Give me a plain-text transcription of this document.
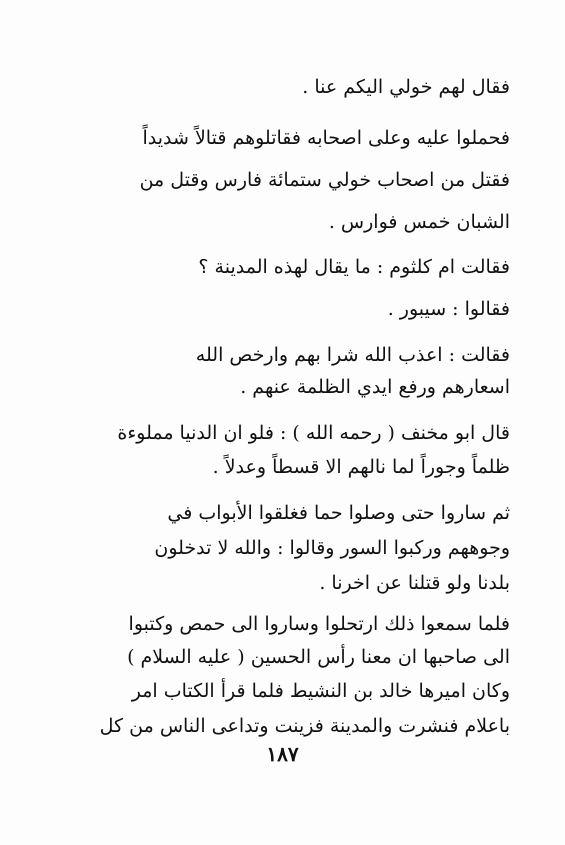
فقال لهم خولي اليكم عنا .
فحملوا عليه وعلى اصحابه فقاتلوهم قتالاً شديداً
فقتل من اصحاب خولي ستمائة فارس وقتل من
الشبان خمس فوارس .
فقالت ام كلثوم : ما يقال لهذه المدينة ؟
فقالوا : سيبور .
فقالت : اعذب الله شرا بهم وارخص الله
اسعارهم ورفع ايدي الظلمة عنهم .
قال ابو مخنف ( رحمه الله ) : فلو ان الدنيا مملوءة
ظلماً وجوراً لما نالهم الا قسطاً وعدلاً .
ثم ساروا حتى وصلوا حما فغلقوا الأبواب في
وجوههم وركبوا السور وقالوا : والله لا تدخلون
بلدنا ولو قتلنا عن اخرنا .
فلما سمعوا ذلك ارتحلوا وساروا الى حمص وكتبوا
الى صاحبها ان معنا رأس الحسين ( عليه السلام )
وكان اميرها خالد بن النشيط فلما قرأ الكتاب امر
باعلام فنشرت والمدينة فزينت وتداعى الناس من كل
١٨٧
